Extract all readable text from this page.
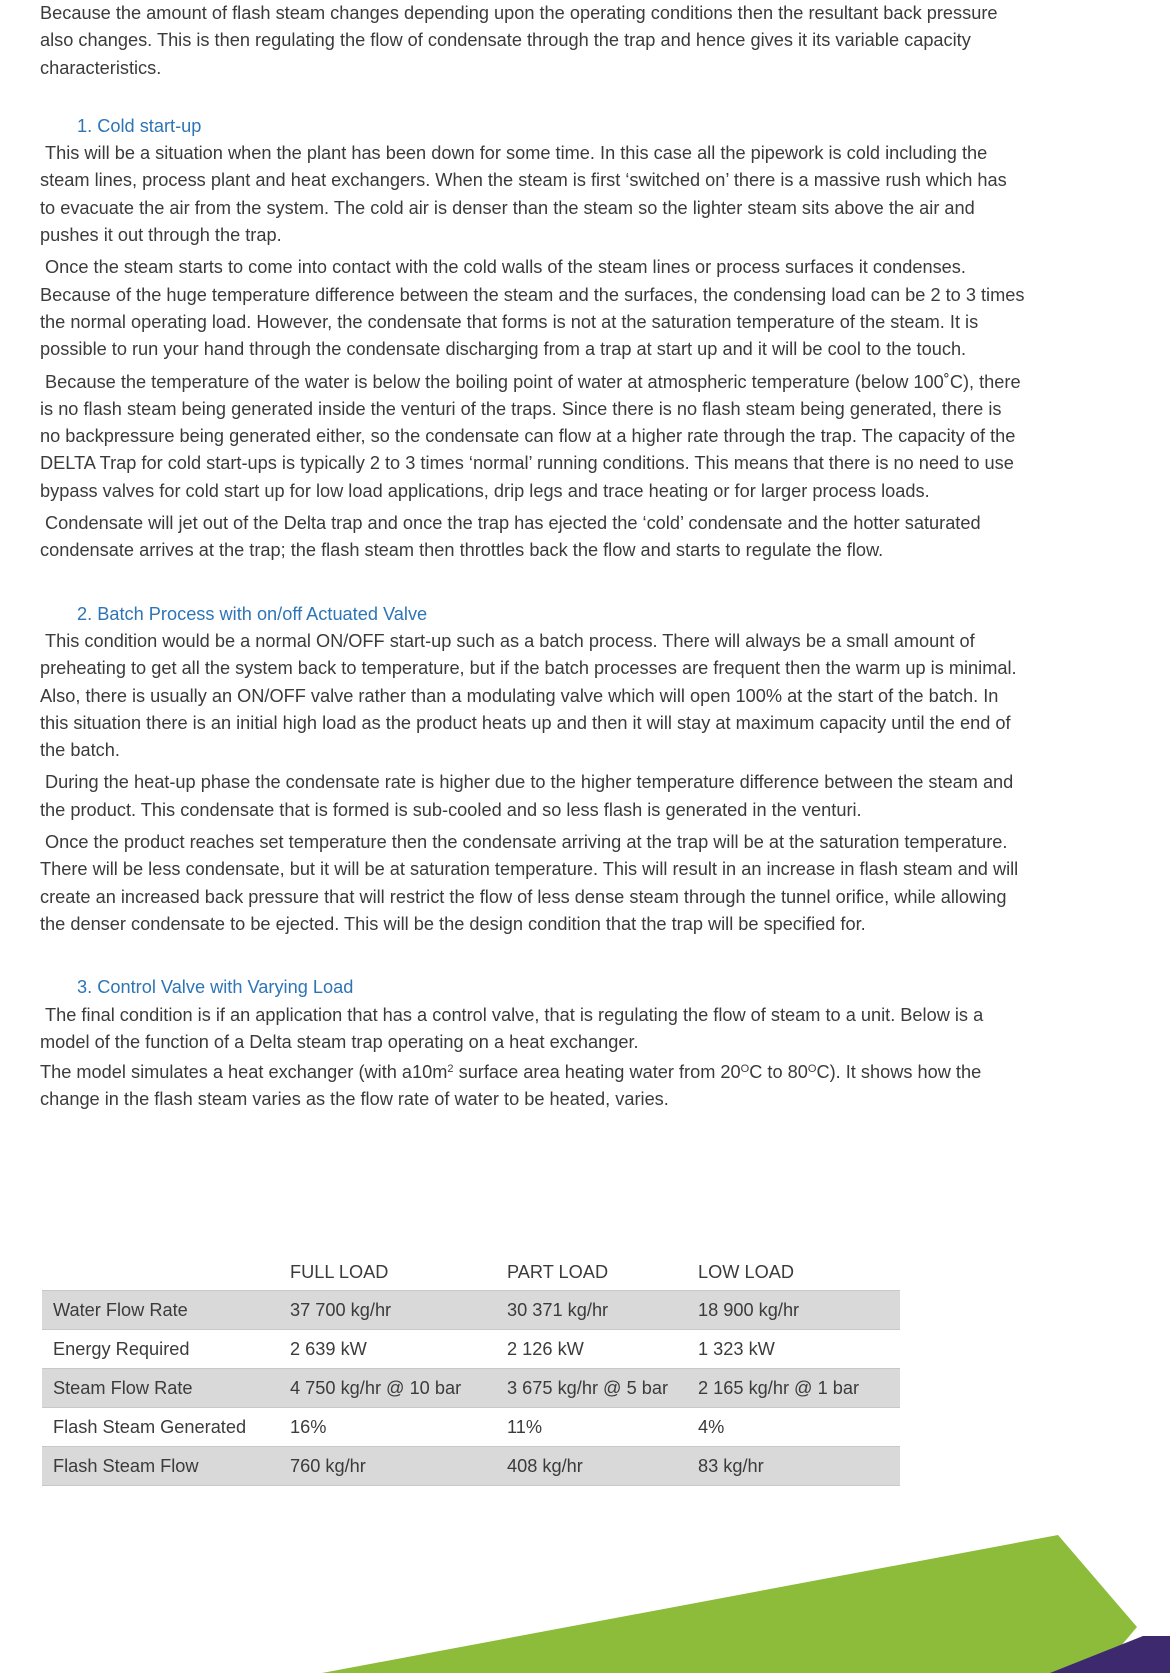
Because the amount of flash steam changes depending upon the operating conditions then the resultant back pressure also changes. This is then regulating the flow of condensate through the trap and hence gives it its variable capacity characteristics.

1. Cold start-up

This will be a situation when the plant has been down for some time. In this case all the pipework is cold including the steam lines, process plant and heat exchangers. When the steam is first ‘switched on’ there is a massive rush which has to evacuate the air from the system. The cold air is denser than the steam so the lighter steam sits above the air and pushes it out through the trap.

Once the steam starts to come into contact with the cold walls of the steam lines or process surfaces it condenses. Because of the huge temperature difference between the steam and the surfaces, the condensing load can be 2 to 3 times the normal operating load. However, the condensate that forms is not at the saturation temperature of the steam. It is possible to run your hand through the condensate discharging from a trap at start up and it will be cool to the touch.

Because the temperature of the water is below the boiling point of water at atmospheric temperature (below 100˚C), there is no flash steam being generated inside the venturi of the traps. Since there is no flash steam being generated, there is no backpressure being generated either, so the condensate can flow at a higher rate through the trap. The capacity of the DELTA Trap for cold start-ups is typically 2 to 3 times ‘normal’ running conditions. This means that there is no need to use bypass valves for cold start up for low load applications, drip legs and trace heating or for larger process loads.

Condensate will jet out of the Delta trap and once the trap has ejected the ‘cold’ condensate and the hotter saturated condensate arrives at the trap; the flash steam then throttles back the flow and starts to regulate the flow.

2. Batch Process with on/off Actuated Valve

This condition would be a normal ON/OFF start-up such as a batch process. There will always be a small amount of preheating to get all the system back to temperature, but if the batch processes are frequent then the warm up is minimal. Also, there is usually an ON/OFF valve rather than a modulating valve which will open 100% at the start of the batch. In this situation there is an initial high load as the product heats up and then it will stay at maximum capacity until the end of the batch.

During the heat-up phase the condensate rate is higher due to the higher temperature difference between the steam and the product. This condensate that is formed is sub-cooled and so less flash is generated in the venturi.

Once the product reaches set temperature then the condensate arriving at the trap will be at the saturation temperature. There will be less condensate, but it will be at saturation temperature. This will result in an increase in flash steam and will create an increased back pressure that will restrict the flow of less dense steam through the tunnel orifice, while allowing the denser condensate to be ejected. This will be the design condition that the trap will be specified for.

3. Control Valve with Varying Load

The final condition is if an application that has a control valve, that is regulating the flow of steam to a unit. Below is a model of the function of a Delta steam trap operating on a heat exchanger.

The model simulates a heat exchanger (with $a10m^2$ surface area heating water from $20^OC$ to $80^OC$). It shows how the change in the flash steam varies as the flow rate of water to be heated, varies.

	FULL LOAD	PART LOAD	LOW LOAD
Water Flow Rate	37 700 kg/hr	30 371 kg/hr	18 900 kg/hr
Energy Required	2 639 kW	2 126 kW	1 323 kW
Steam Flow Rate	4 750 kg/hr @ 10 bar	3 675 kg/hr @ 5 bar	2 165 kg/hr @ 1 bar
Flash Steam Generated	16%	11%	4%
Flash Steam Flow	760 kg/hr	408 kg/hr	83 kg/hr
